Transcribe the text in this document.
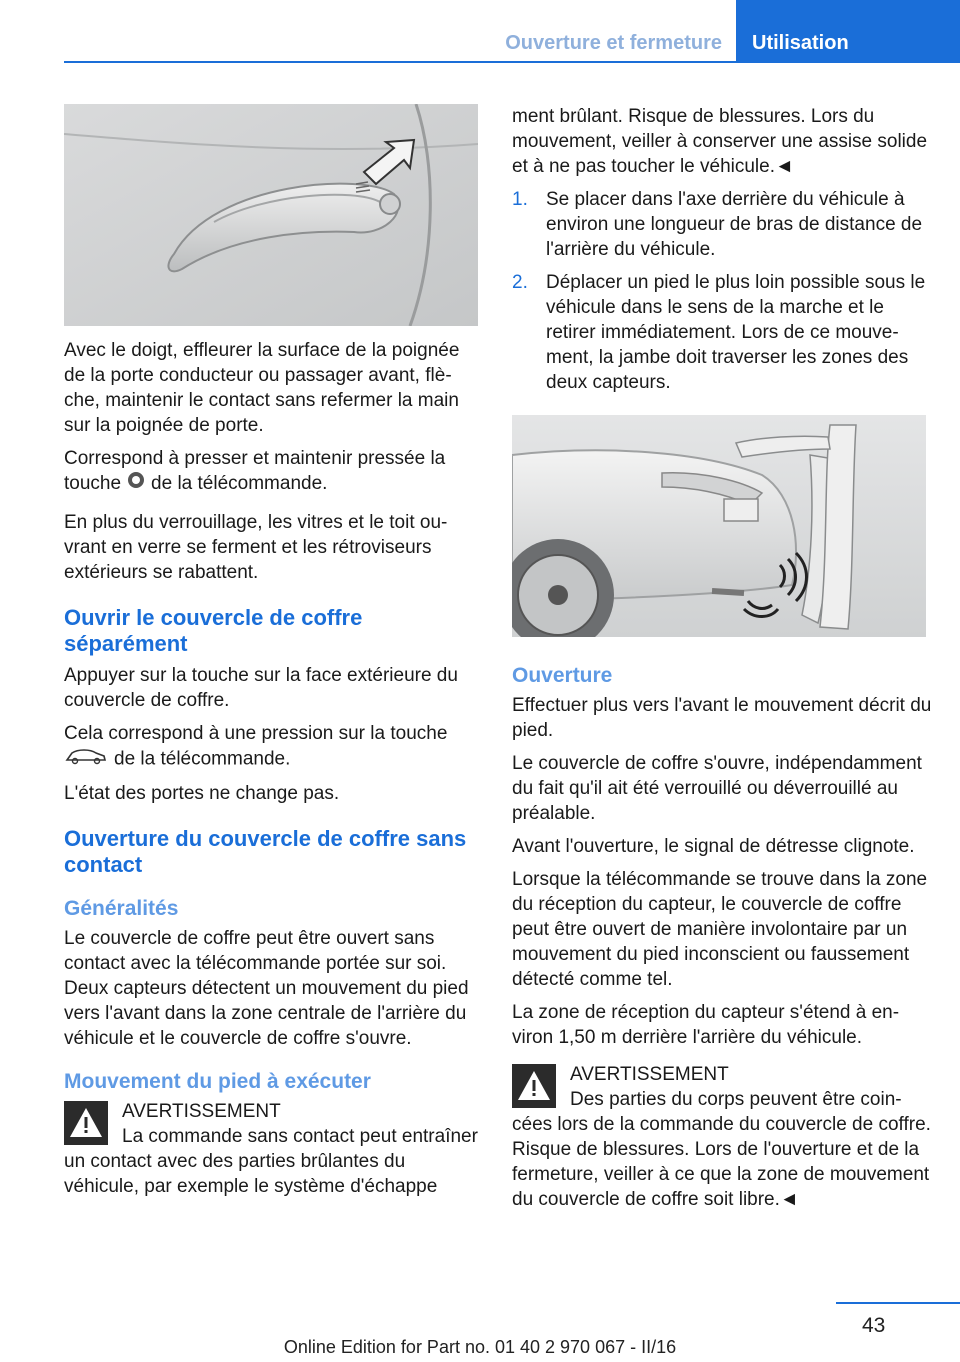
Ouverture et fermeture	Utilisation

Avec le doigt, effleurer la surface de la poignée de la porte conducteur ou passager avant, flèche, maintenir le contact sans refermer la main sur la poignée de porte.

Correspond à presser et maintenir pressée la touche de la télécommande.

En plus du verrouillage, les vitres et le toit ouvrant en verre se ferment et les rétroviseurs extérieurs se rabattent.

Ouvrir le couvercle de coffre séparément

Appuyer sur la touche sur la face extérieure du couvercle de coffre.

Cela correspond à une pression sur la touche
de la télécommande.

L'état des portes ne change pas.

Ouverture du couvercle de coffre sans contact
Généralités

Le couvercle de coffre peut être ouvert sans contact avec la télécommande portée sur soi. Deux capteurs détectent un mouvement du pied vers l'avant dans la zone centrale de l'arrière du véhicule et le couvercle de coffre s'ouvre.

Mouvement du pied à exécuter
AVERTISSEMENT
La commande sans contact peut entraîner un contact avec des parties brûlantes du véhicule, par exemple le système d'échappe

ment brûlant. Risque de blessures. Lors du mouvement, veiller à conserver une assise solide et à ne pas toucher le véhicule.◄

1. Se placer dans l'axe derrière du véhicule à environ une longueur de bras de distance de l'arrière du véhicule.
2. Déplacer un pied le plus loin possible sous le véhicule dans le sens de la marche et le retirer immédiatement. Lors de ce mouvement, la jambe doit traverser les zones des deux capteurs.
Ouverture

Effectuer plus vers l'avant le mouvement décrit du pied.

Le couvercle de coffre s'ouvre, indépendamment du fait qu'il ait été verrouillé ou déverrouillé au préalable.

Avant l'ouverture, le signal de détresse clignote.

Lorsque la télécommande se trouve dans la zone du réception du capteur, le couvercle de coffre peut être ouvert de manière involontaire par un mouvement du pied inconscient ou faussement détecté comme tel.

La zone de réception du capteur s'étend à environ 1,50 m derrière l'arrière du véhicule.

AVERTISSEMENT
Des parties du corps peuvent être coincées lors de la commande du couvercle de coffre. Risque de blessures. Lors de l'ouverture et de la fermeture, veiller à ce que la zone de mouvement du couvercle de coffre soit libre.◄
43
Online Edition for Part no. 01 40 2 970 067 - II/16
